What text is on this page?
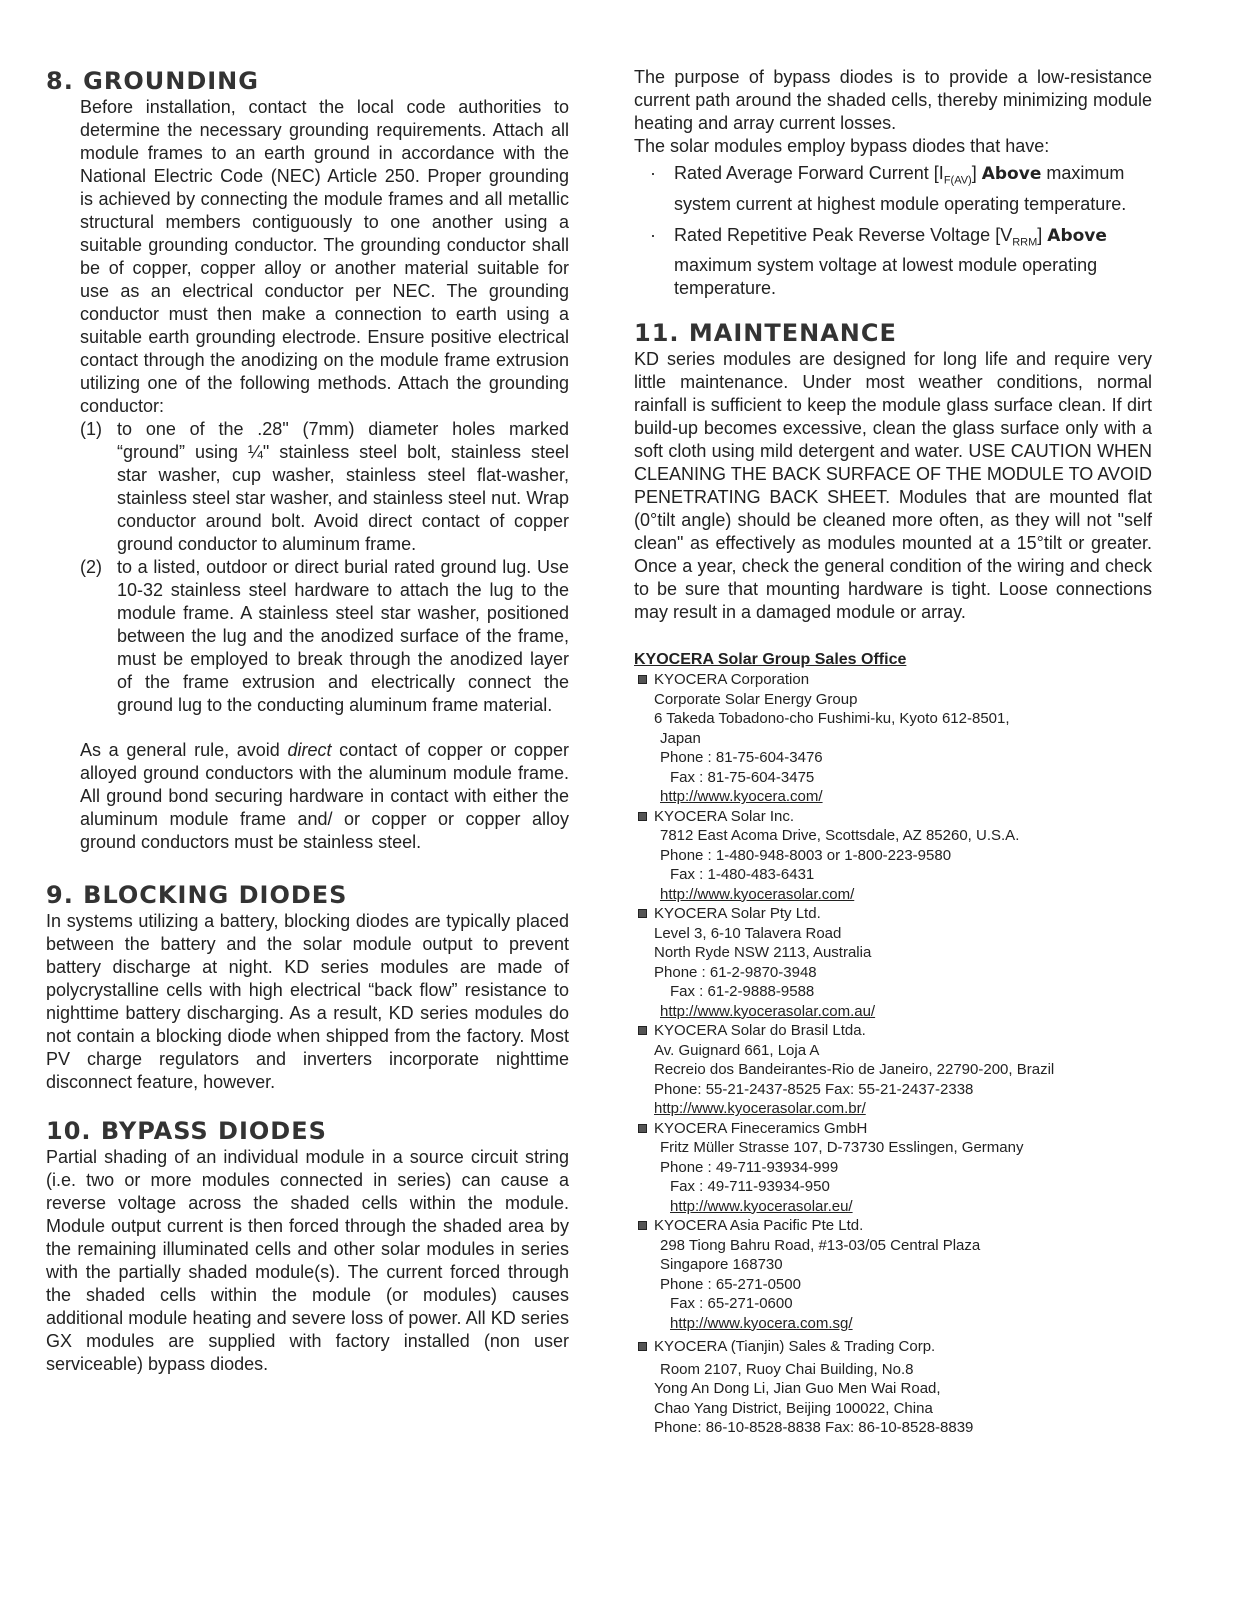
8. GROUNDING

Before installation, contact the local code authorities to determine the necessary grounding requirements. Attach all module frames to an earth ground in accordance with the National Electric Code (NEC) Article 250. Proper grounding is achieved by connecting the module frames and all metallic structural members contiguously to one another using a suitable grounding conductor. The grounding conductor shall be of copper, copper alloy or another material suitable for use as an electrical conductor per NEC. The grounding conductor must then make a connection to earth using a suitable earth grounding electrode. Ensure positive electrical contact through the anodizing on the module frame extrusion utilizing one of the following methods. Attach the grounding conductor:

(1) to one of the .28" (7mm) diameter holes marked “ground” using ¼" stainless steel bolt, stainless steel star washer, cup washer, stainless steel flat-washer, stainless steel star washer, and stainless steel nut. Wrap conductor around bolt. Avoid direct contact of copper ground conductor to aluminum frame.
(2) to a listed, outdoor or direct burial rated ground lug. Use 10-32 stainless steel hardware to attach the lug to the module frame. A stainless steel star washer, positioned between the lug and the anodized surface of the frame, must be employed to break through the anodized layer of the frame extrusion and electrically connect the ground lug to the conducting aluminum frame material.

As a general rule, avoid direct contact of copper or copper alloyed ground conductors with the aluminum module frame. All ground bond securing hardware in contact with either the aluminum module frame and/ or copper or copper alloy ground conductors must be stainless steel.

9. BLOCKING DIODES

In systems utilizing a battery, blocking diodes are typically placed between the battery and the solar module output to prevent battery discharge at night. KD series modules are made of polycrystalline cells with high electrical “back flow” resistance to nighttime battery discharging. As a result, KD series modules do not contain a blocking diode when shipped from the factory. Most PV charge regulators and inverters incorporate nighttime disconnect feature, however.

10. BYPASS DIODES

Partial shading of an individual module in a source circuit string (i.e. two or more modules connected in series) can cause a reverse voltage across the shaded cells within the module. Module output current is then forced through the shaded area by the remaining illuminated cells and other solar modules in series with the partially shaded module(s). The current forced through the shaded cells within the module (or modules) causes additional module heating and severe loss of power. All KD series GX modules are supplied with factory installed (non user serviceable) bypass diodes.

The purpose of bypass diodes is to provide a low-resistance current path around the shaded cells, thereby minimizing module heating and array current losses.

The solar modules employ bypass diodes that have:

· Rated Average Forward Current $[I_{F(AV)}]$ Above maximum system current at highest module operating temperature.
· Rated Repetitive Peak Reverse Voltage $[V_{RRM}]$ Above maximum system voltage at lowest module operating temperature.
11. MAINTENANCE

KD series modules are designed for long life and require very little maintenance. Under most weather conditions, normal rainfall is sufficient to keep the module glass surface clean. If dirt build-up becomes excessive, clean the glass surface only with a soft cloth using mild detergent and water. USE CAUTION WHEN CLEANING THE BACK SURFACE OF THE MODULE TO AVOID PENETRATING BACK SHEET. Modules that are mounted flat (0°tilt angle) should be cleaned more often, as they will not "self clean" as effectively as modules mounted at a 15°tilt or greater. Once a year, check the general condition of the wiring and check to be sure that mounting hardware is tight. Loose connections may result in a damaged module or array.

KYOCERA Solar Group Sales Office
KYOCERA Corporation
Corporate Solar Energy Group
6 Takeda Tobadono-cho Fushimi-ku, Kyoto 612-8501,
Japan
Phone : 81-75-604-3476
Fax : 81-75-604-3475
http://www.kyocera.com/
KYOCERA Solar Inc.
7812 East Acoma Drive, Scottsdale, AZ 85260, U.S.A.
Phone : 1-480-948-8003 or 1-800-223-9580
Fax : 1-480-483-6431
http://www.kyocerasolar.com/
KYOCERA Solar Pty Ltd.
Level 3, 6-10 Talavera Road
North Ryde NSW 2113, Australia
Phone : 61-2-9870-3948
Fax : 61-2-9888-9588
http://www.kyocerasolar.com.au/
KYOCERA Solar do Brasil Ltda.
Av. Guignard 661, Loja A
Recreio dos Bandeirantes-Rio de Janeiro, 22790-200, Brazil
Phone: 55-21-2437-8525 Fax: 55-21-2437-2338
http://www.kyocerasolar.com.br/
KYOCERA Fineceramics GmbH
Fritz Müller Strasse 107, D-73730 Esslingen, Germany
Phone : 49-711-93934-999
Fax : 49-711-93934-950
http://www.kyocerasolar.eu/
KYOCERA Asia Pacific Pte Ltd.
298 Tiong Bahru Road, #13-03/05 Central Plaza
Singapore 168730
Phone : 65-271-0500
Fax : 65-271-0600
http://www.kyocera.com.sg/
KYOCERA (Tianjin) Sales & Trading Corp.
Room 2107, Ruoy Chai Building, No.8
Yong An Dong Li, Jian Guo Men Wai Road,
Chao Yang District, Beijing 100022, China
Phone: 86-10-8528-8838 Fax: 86-10-8528-8839
